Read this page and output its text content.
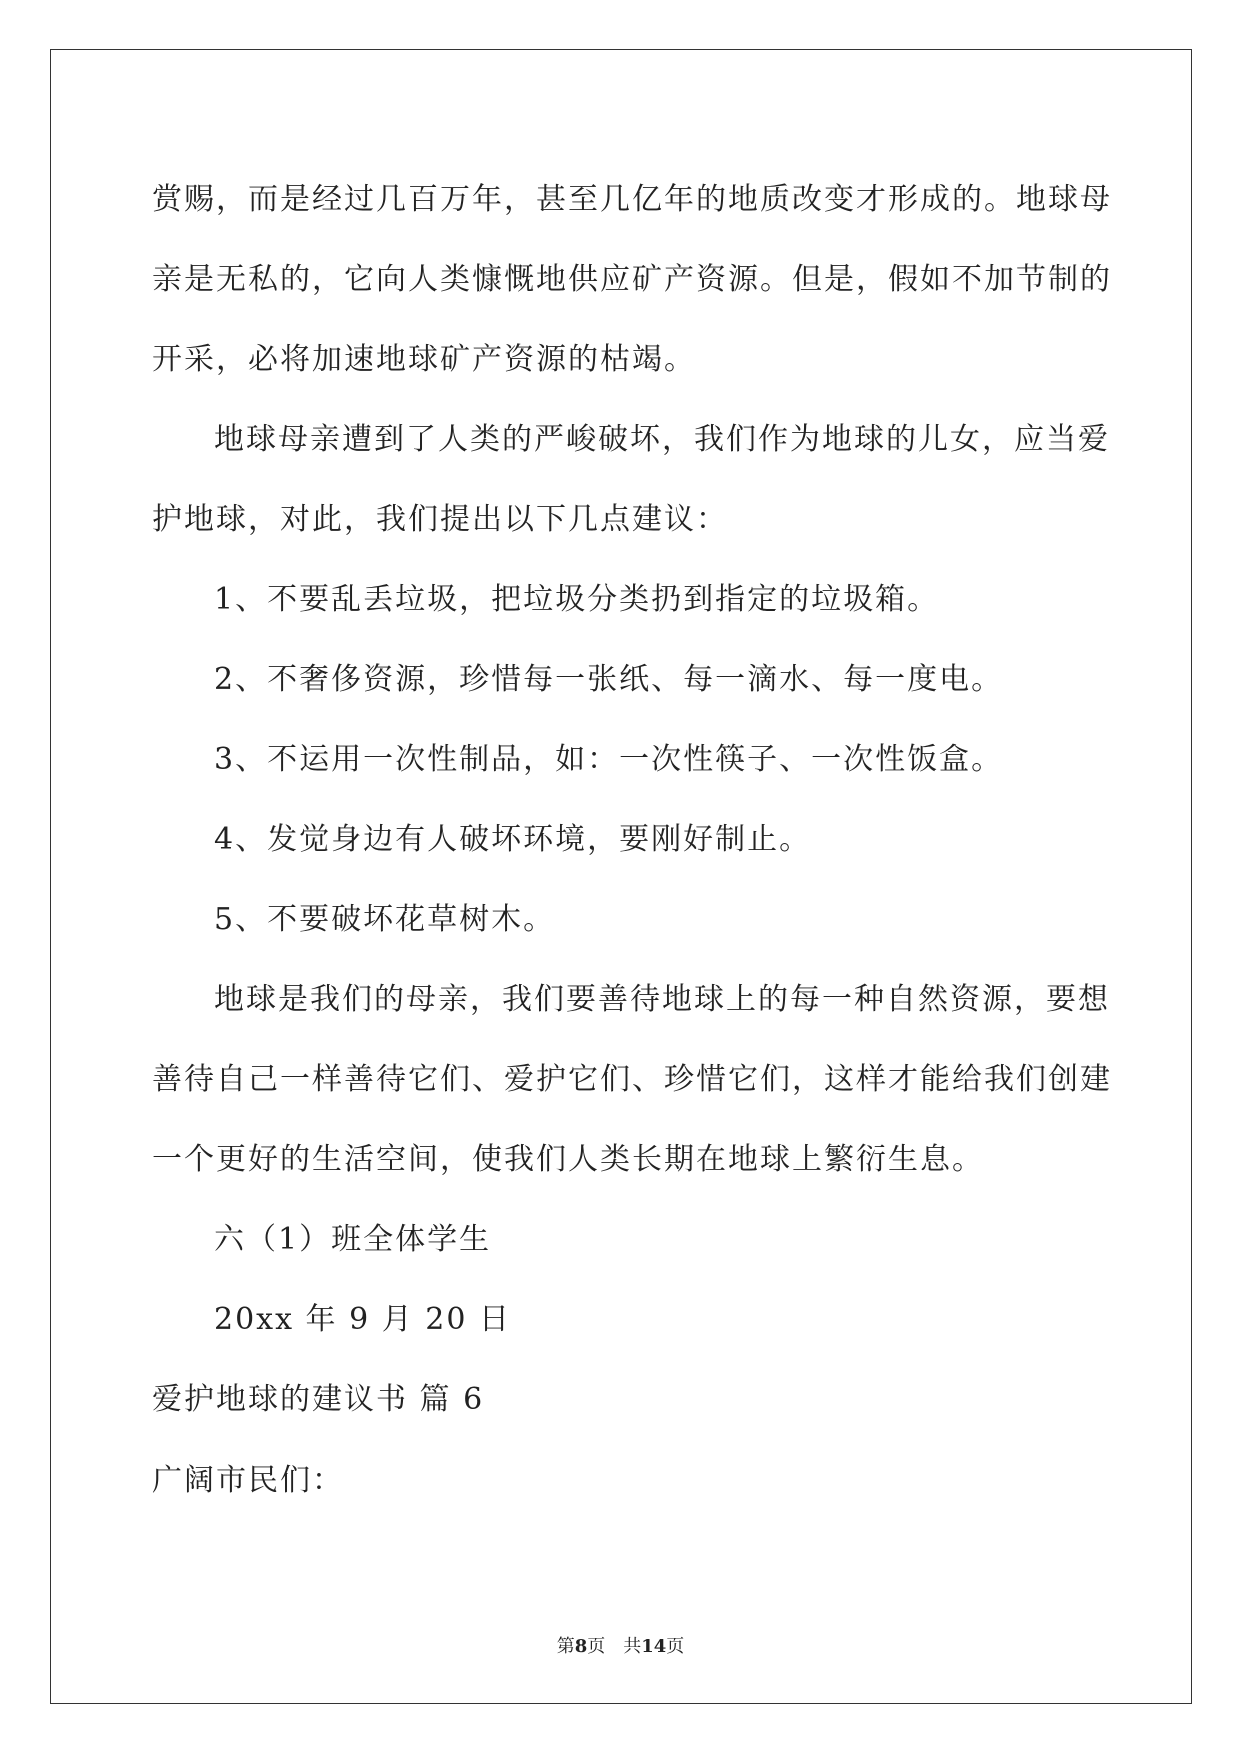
赏赐，而是经过几百万年，甚至几亿年的地质改变才形成的。地球母
亲是无私的，它向人类慷慨地供应矿产资源。但是，假如不加节制的
开采，必将加速地球矿产资源的枯竭。
地球母亲遭到了人类的严峻破坏，我们作为地球的儿女，应当爱
护地球，对此，我们提出以下几点建议：
1、不要乱丢垃圾，把垃圾分类扔到指定的垃圾箱。
2、不奢侈资源，珍惜每一张纸、每一滴水、每一度电。
3、不运用一次性制品，如：一次性筷子、一次性饭盒。
4、发觉身边有人破坏环境，要刚好制止。
5、不要破坏花草树木。
地球是我们的母亲，我们要善待地球上的每一种自然资源，要想
善待自己一样善待它们、爱护它们、珍惜它们，这样才能给我们创建
一个更好的生活空间，使我们人类长期在地球上繁衍生息。
六（1）班全体学生
20xx 年 9 月 20 日
爱护地球的建议书 篇 6
广阔市民们：
第8页 共14页
